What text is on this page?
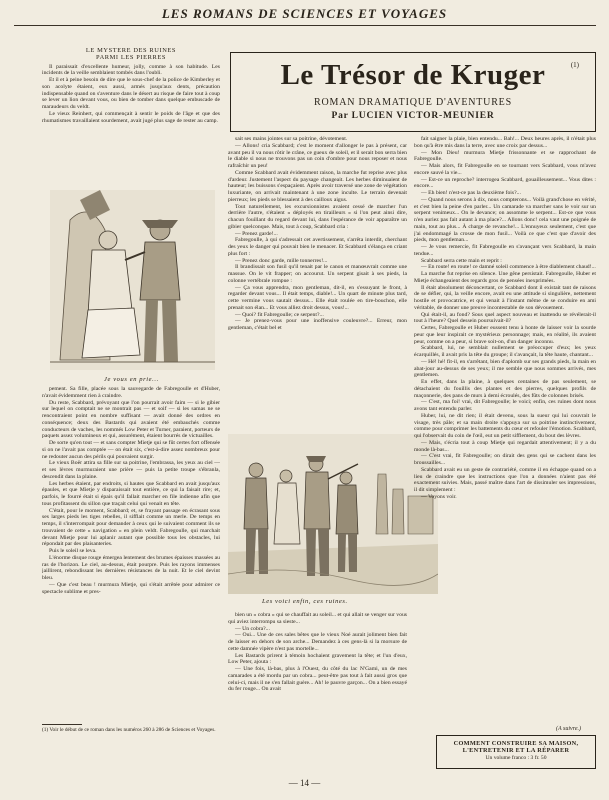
LES ROMANS DE SCIENCES ET VOYAGES
Le Trésor de Kruger	(1)
ROMAN DRAMATIQUE D'AVENTURES
Par LUCIEN VICTOR-MEUNIER
LE MYSTÈRE DES RUINES
PARMI LES PIERRES

Il paraissait d'excellente humeur, jolly, comme à son habitude. Les incidents de la veille semblaient tombés dans l'oubli.

Et il et à peine besoin de dire que le sous-chef de la police de Kimberley et son acolyte étaient, eux aussi, armés jusqu'aux dents, précaution indispensable quand on s'aventure dans le désert au risque de faire tout à coup se lever un lion devant vous, ou bien de tomber dans quelque embuscade de maraudeurs du veldt.

Le vieux Reinhert, qui commençait à sentir le poids de l'âge et que des rhumatismes travaillaient sourdement, avait jugé plus sage de rester au camp.

Je vous en prie...

pement. Sa fille, placée sous la sauvegarde de Fabregoulle et d'Huber, n'avait évidemment rien à craindre.

Du reste, Scabbard, prévoyant que l'on pourrait avoir faim — si le gibier sur lequel on comptait ne se montrait pas — et soif — si les samas ne se rencontraient point en nombre suffisant — avait donné des ordres en conséquence; deux des Bastards qui avaient été embauchés comme conducteurs de vaches, les nommés Low Peter et Turner, paraient, porteurs de paquets assez volumineux et qui, assurément, étaient bourrés de victuailles.

De sorte qu'en tout — et sans compter Mietje qui se fût certes fort offensée si on ne l'avait pas comptée — on était six, c'est-à-dire assez nombreux pour ne redouter aucun des périls qui pouvaient surgir.

Le vieux Boër attira sa fille sur sa poitrine, l'embrassa, les yeux au ciel — et ses lèvres murmuraient une prière — puis la petite troupe s'ébranla, descendit dans la plaine.

Les herbes étaient, par endroits, si hautes que Scabbard en avait jusqu'aux épaules, et que Mietje y disparaissait tout entière, ce qui la faisait rire; et, parfois, le fourré était si épais qu'il fallait marcher en file indienne afin que tous profitassent du sillon que traçait celui qui venait en tête.

C'était, pour le moment, Scabbard; et, se frayant passage en écrasant sous ses larges pieds les tiges rebelles, il sifflait comme un merle. De temps en temps, il s'interrompait pour demander à ceux qui le suivaient comment ils se trouvaient de cette « navigation » en plein veldt. Fabregoulle, qui marchait devant Mietje pour lui aplanir autant que possible tous les obstacles, lui répondait par des plaisanteries.

Puis le soleil se leva.

L'énorme disque rouge émergea lentement des brumes épaisses massées au ras de l'horizon. Le ciel, au-dessus, était pourpre. Puis les rayons immenses jaillirent, rebondissant les dernières résistances de la nuit. Et le ciel devint bleu.

— Que c'est beau ! murmura Mietje, qui s'était arrêtée pour admirer ce spectacle sublime et pres-

(1) Voir le début de ce roman dans les numéros 260 à 286 de Sciences et Voyages.

sait ses mains jointes sur sa poitrine, dévotement.

— Allons! cria Scabbard; c'est le moment d'allonger le pas à présent, car avant peu il va nous rôtir le crâne, ce gueux de soleil, et il serait bon serra bien le diable si nous ne trouvons pas un coin d'ombre pour nous reposer et nous rafraîchir un peu!

Comme Scabbard avait évidemment raison, la marche fut reprise avec plus d'ardeur. Justement l'aspect du paysage changeait. Les herbes diminuaient de hauteur; les buissons s'espaçaient. Après avoir traversé une zone de végétation luxuriante, on arrivait maintenant à une zone inculte. Le terrain devenait pierreux; les pieds se blessaient à des cailloux aigus.

Tout naturellement, les excursionnistes avaient cessé de marcher l'un derrière l'autre, s'étaient « déployés en tirailleurs » si l'on peut ainsi dire, chacun fouillant du regard devant lui, dans l'espérance de voir apparaître un gibier quelconque. Mais, tout à coup, Scabbard cria :

— Prenez garde!...

Fabregoulle, à qui s'adressait cet avertissement, s'arrêta interdit, cherchant des yeux le danger qui pouvait bien le menacer. Et Scabbard s'élança en criant plus fort :

— Prenez donc garde, mille tonnerres!...

Il brandissait son fusil qu'il tenait par le canon et manœuvrait comme une massue. On le vit frapper; on accourut. Un serpent gisait à ses pieds, la colonne vertébrale rompue :

— Ça vous apprendra, mon gentleman, dit-il, en s'essuyant le front, à regarder devant vous... Il était temps, diable!... Un quart de minute plus tard, cette vermine vous sautait dessus... Elle était roulée en tire-bouchon, elle prenait son élan... Et vous alliez droit dessus, vous!...

— Quoi? fit Fabregoulle; ce serpent?...

— Je prenez-vous pour une inoffensive couleuvre?... Erreur, mon gentleman, c'était bel et

Les voici enfin, ces ruines.

bien un « cobra » qui se chauffait au soleil... et qui allait se venger sur vous qui aviez interrompu sa sieste...

— Un cobra?...

— Oui... Une de ces sales bêtes que le vieux Noé aurait joliment bien fait de laisser en dehors de son arche... Demandez à ces gens-là si la morsure de cette damnée vipère n'est pas mortelle...

Les Bastards prirent à témoin hochaient gravement la tête; et l'un d'eux, Low Peter, ajouta :

— Une fois, là-bas, plus à l'Ouest, du côté du lac N'Gami, un de mes camarades a été mordu par un cobra... peut-être pas tout à fait aussi gros que celui-ci, mais il ne s'en fallait guère... Ah! le pauvre garçon... On a bien essayé du fer rouge... On avait

fait saigner la plaie, bien entendu... Bah!... Deux heures après, il n'était plus bon qu'à être mis dans la terre, avec une croix par dessus...

— Mon Dieu! murmura Mietje frissonnante et se rapprochant de Fabregoulle.

— Mais alors, fit Fabregoulle en se tournant vers Scabbard, vous m'avez encore sauvé la vie...

— Est-ce un reproche? interrogea Scabbard, gouailleusement... Vous dites : encore...

— Eh bien! n'est-ce pas la deuxième fois?...

— Quand nous serons à dix, nous compterons... Voilà grand'chose en vérité, et c'est bien la peine d'en parler... Un camarade va marcher sans le voir sur un serpent venimeux... On le devance; on assomme le serpent... Est-ce que vous n'en auriez pas fait autant à ma place?... Allons donc! cela vaut une poignée de main, tout au plus... À charge de revanche!... L'ennuyeux seulement, c'est que j'ai endommagé la crosse de mon fusil... Voilà ce que c'est que d'avoir des pieds, mon gentleman...

— Je vous remercie, fit Fabregoulle en s'avançant vers Scabbard, la main tendue...

Scabbard serra cette main et reprit :

— En route! en route! ce damné soleil commence à être diablement chaud!...

La marche fut reprise en silence. Une gêne persistait. Fabregoulle, Huber et Mietje échangeaient des regards gros de pensées inexprimées.

Il était absolument déconcertant, ce Scabbard dont il existait tant de raisons de se défier, qui, la veille encore, avait eu une attitude si singulière, nettement hostile et provocatrice, et qui venait à l'instant même de se conduire en ami véritable, de donner une preuve incontestable de son dévouement.

Qui était-il, au fond? Sous quel aspect nouveau et inattendu se révélerait-il tout à l'heure? Quel dessein poursuivait-il?

Certes, Fabregoulle et Huber eussent tenu à honte de laisser voir la sourde peur que leur inspirait ce mystérieux personnage; mais, en réalité, ils avaient peur, comme on a peur, si brave soit-on, d'un danger inconnu.

Scabbard, lui, ne semblait nullement se préoccuper d'eux; les yeux écarquillés, il avait pris la tête du groupe; il s'avançait, la tête haute, chantant...

— Hé! hé! fit-il, en s'arrêtant, bien d'aplomb sur ses grands pieds, la main en abat-jour au-dessus de ses yeux; il me semble que nous sommes arrivés, mes gentlemen.

En effet, dans la plaine, à quelques centaines de pas seulement, se détachaient du fouillis des plantes et des pierres, quelques profils de maçonnerie, des pans de murs à demi écroulés, des fûts de colonnes brisés.

— C'est, ma foi! vrai, dit Fabregoulle; le voici; enfin, ces ruines dont nous avons tant entendu parler.

Huber, lui, ne dit rien; il était devenu, sous la sueur qui lui couvrait le visage, très pâle; et sa main droite s'appuya sur sa poitrine instinctivement, comme pour comprimer les battements du cœur et refouler l'émotion. Scabbard, qui l'observait du coin de l'œil, eut un petit sifflement, du bout des lèvres.

— Mais, s'écria tout à coup Mietje qui regardait attentivement; il y a du monde là-bas...

— C'est vrai, fit Fabregoulle; on dirait des gens qui se cachent dans les broussailles...

Scabbard avait eu un geste de contrariété, comme il en échappe quand on a lieu de craindre que les instructions que l'on a données n'aient pas été exactement suivies. Mais, passé maître dans l'art de dissimuler ses impressions, il dit simplement :

— Voyons voir.

(A suivre.)
COMMENT CONSTRUIRE SA MAISON,
L'ENTRETENIR ET LA RÉPARER
Un volume franco : 3 fr. 50
— 14 —
